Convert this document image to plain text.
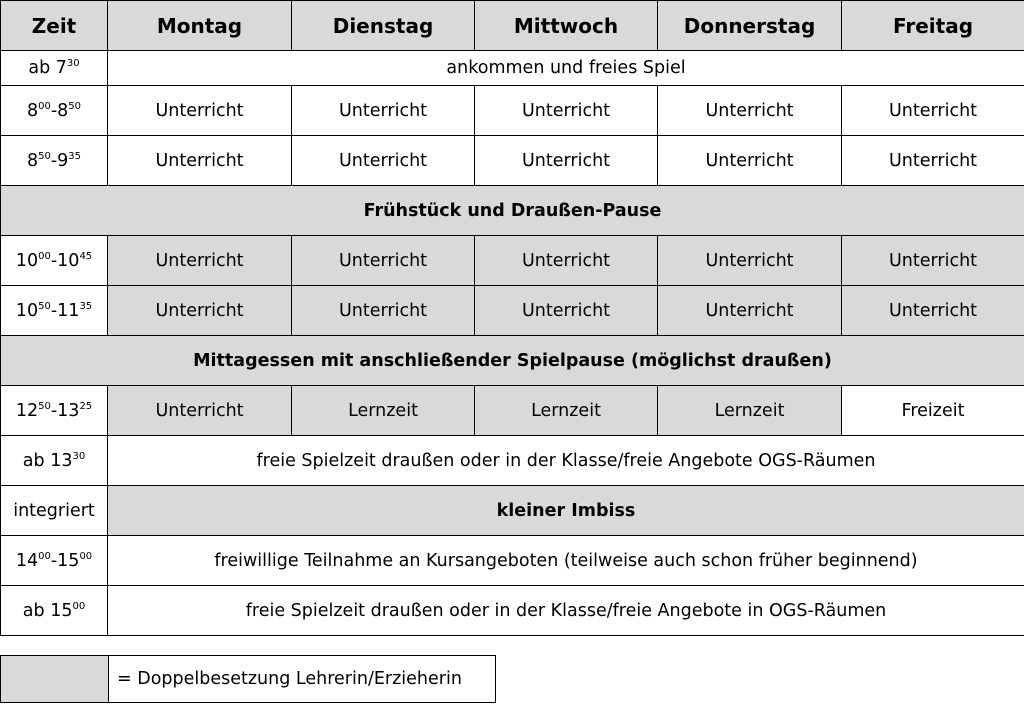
Zeit	Montag	Dienstag	Mittwoch	Donnerstag	Freitag
ab $7^{30}$	ankommen und freies Spiel				
$8^{00}-8^{50}$	Unterricht	Unterricht	Unterricht	Unterricht	Unterricht
$8^{50}-9^{35}$	Unterricht	Unterricht	Unterricht	Unterricht	Unterricht
Frühstück und Draußen-Pause					
$10^{00}-10^{45}$	Unterricht	Unterricht	Unterricht	Unterricht	Unterricht
$10^{50}-11^{35}$	Unterricht	Unterricht	Unterricht	Unterricht	Unterricht
Mittagessen mit anschließender Spielpause (möglichst draußen)					
$12^{50}-13^{25}$	Unterricht	Lernzeit	Lernzeit	Lernzeit	Freizeit
ab $13^{30}$	freie Spielzeit draußen oder in der Klasse/freie Angebote OGS-Räumen				
integriert	kleiner Imbiss				
$14^{00}-15^{00}$	freiwillige Teilnahme an Kursangeboten (teilweise auch schon früher beginnend)				
ab $15^{00}$	freie Spielzeit draußen oder in der Klasse/freie Angebote in OGS-Räumen				
= Doppelbesetzung Lehrerin/Erzieherin
